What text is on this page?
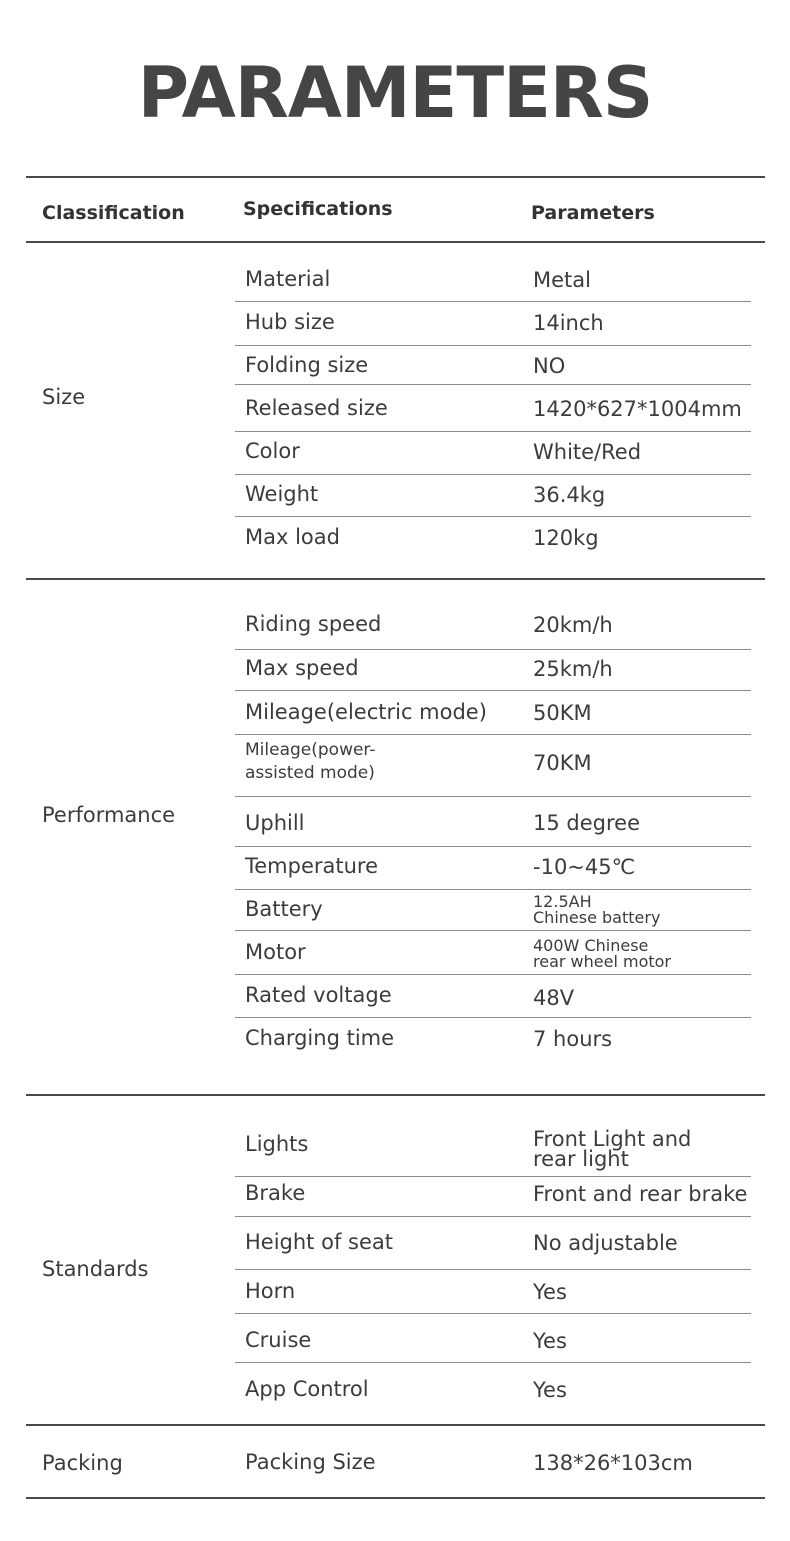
PARAMETERS
Classification	Specifications	Parameters
Size
Material	Metal
Hub size	14inch
Folding size	NO
Released size	1420*627*1004mm
Color	White/Red
Weight	36.4kg
Max load	120kg
Performance
Riding speed	20km/h
Max speed	25km/h
Mileage(electric mode) 50KM
Mileage(power-
assisted mode)	70KM
Uphill	15 degree
Temperature	-10~45℃
Battery	12.5AH
Chinese battery
Motor	400W Chinese
rear wheel motor
Rated voltage	48V
Charging time	7 hours
Standards
Lights	Front Light and
rear light
Brake	Front and rear brake
Height of seat	No adjustable
Horn	Yes
Cruise	Yes
App Control	Yes
Packing	Packing Size	138*26*103cm
